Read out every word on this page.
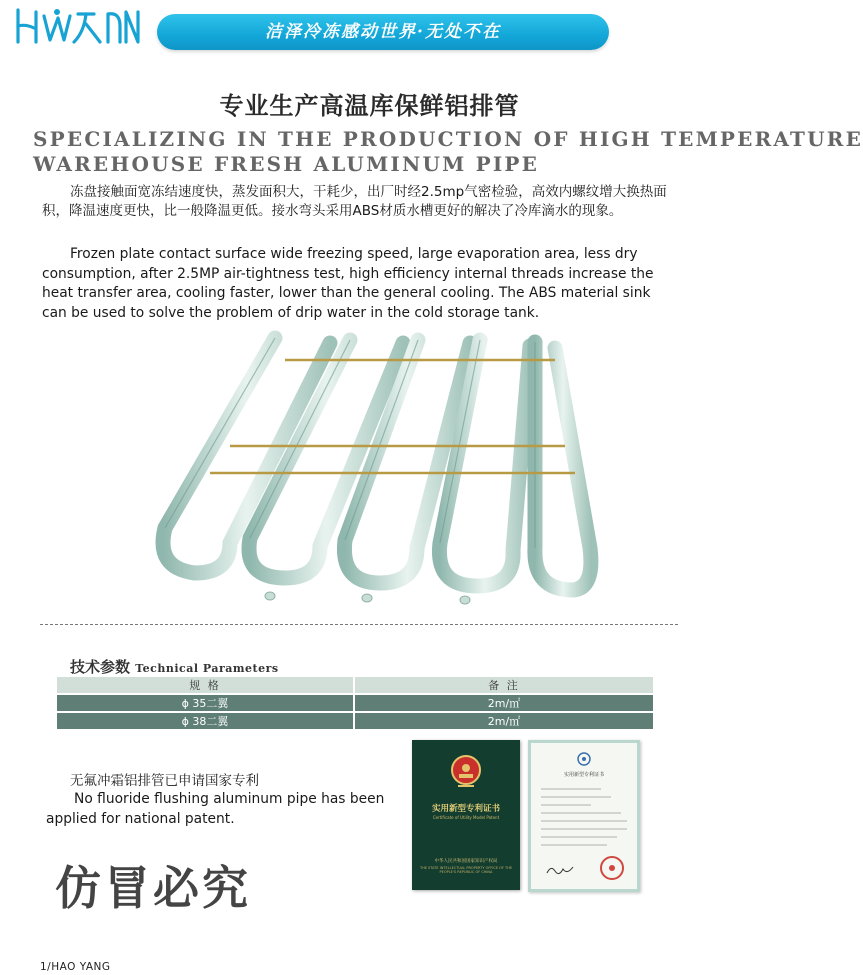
洁泽冷冻感动世界·无处不在
专业生产高温库保鲜铝排管
SPECIALIZING IN THE PRODUCTION OF HIGH TEMPERATURE
WAREHOUSE FRESH ALUMINUM PIPE
冻盘接触面宽冻结速度快，蒸发面积大，干耗少，出厂时经2.5mp气密检验，高效内螺纹增大换热面积，降温速度更快，比一般降温更低。接水弯头采用ABS材质水槽更好的解决了冷库滴水的现象。
Frozen plate contact surface wide freezing speed, large evaporation area, less dry consumption, after 2.5MP air-tightness test, high efficiency internal threads increase the heat transfer area, cooling faster, lower than the general cooling. The ABS material sink can be used to solve the problem of drip water in the cold storage tank.
技术参数 Technical Parameters
规 格	备 注
ϕ 35二翼	2m/㎡
ϕ 38二翼	2m/㎡
无氟冲霜铝排管已申请国家专利
No fluoride flushing aluminum pipe has been applied for national patent.
仿冒必究
实用新型专利证书
Certificate of Utility Model Patent
中华人民共和国国家知识产权局
THE STATE INTELLECTUAL PROPERTY OFFICE OF THE PEOPLE'S REPUBLIC OF CHINA
实用新型专利证书
1/HAO YANG
